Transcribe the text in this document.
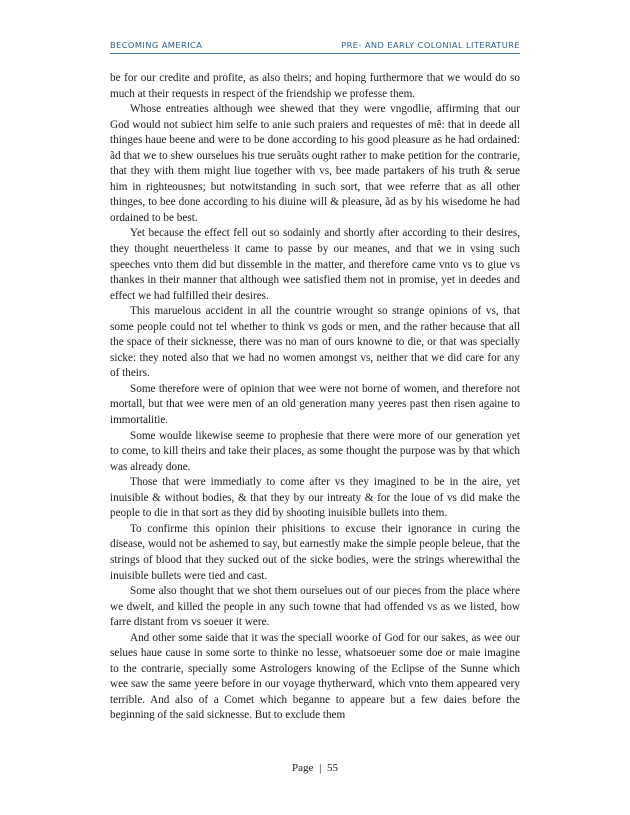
BECOMING AMERICA	PRE- AND EARLY COLONIAL LITERATURE

be for our credite and profite, as also theirs; and hoping furthermore that we would do so much at their requests in respect of the friendship we professe them.

Whose entreaties although wee shewed that they were vngodlie, affirming that our God would not subiect him selfe to anie such praiers and requestes of mê: that in deede all thinges haue beene and were to be done according to his good pleasure as he had ordained: ãd that we to shew ourselues his true seruãts ought rather to make petition for the contrarie, that they with them might liue together with vs, bee made partakers of his truth & serue him in righteousnes; but notwitstanding in such sort, that wee referre that as all other thinges, to bee done according to his diuine will & pleasure, ãd as by his wisedome he had ordained to be best.

Yet because the effect fell out so sodainly and shortly after according to their desires, they thought neuertheless it came to passe by our meanes, and that we in vsing such speeches vnto them did but dissemble in the matter, and therefore came vnto vs to giue vs thankes in their manner that although wee satisfied them not in promise, yet in deedes and effect we had fulfilled their desires.

This maruelous accident in all the countrie wrought so strange opinions of vs, that some people could not tel whether to think vs gods or men, and the rather because that all the space of their sicknesse, there was no man of ours knowne to die, or that was specially sicke: they noted also that we had no women amongst vs, neither that we did care for any of theirs.

Some therefore were of opinion that wee were not borne of women, and therefore not mortall, but that wee were men of an old generation many yeeres past then risen againe to immortalitie.

Some woulde likewise seeme to prophesie that there were more of our generation yet to come, to kill theirs and take their places, as some thought the purpose was by that which was already done.

Those that were immediatly to come after vs they imagined to be in the aire, yet inuisible & without bodies, & that they by our intreaty & for the loue of vs did make the people to die in that sort as they did by shooting inuisible bullets into them.

To confirme this opinion their phisitions to excuse their ignorance in curing the disease, would not be ashemed to say, but earnestly make the simple people beleue, that the strings of blood that they sucked out of the sicke bodies, were the strings wherewithal the inuisible bullets were tied and cast.

Some also thought that we shot them ourselues out of our pieces from the place where we dwelt, and killed the people in any such towne that had offended vs as we listed, how farre distant from vs soeuer it were.

And other some saide that it was the speciall woorke of God for our sakes, as wee our selues haue cause in some sorte to thinke no lesse, whatsoeuer some doe or maie imagine to the contrarie, specially some Astrologers knowing of the Eclipse of the Sunne which wee saw the same yeere before in our voyage thytherward, which vnto them appeared very terrible. And also of a Comet which beganne to appeare but a few daies before the beginning of the said sicknesse. But to exclude them

Page | 55
